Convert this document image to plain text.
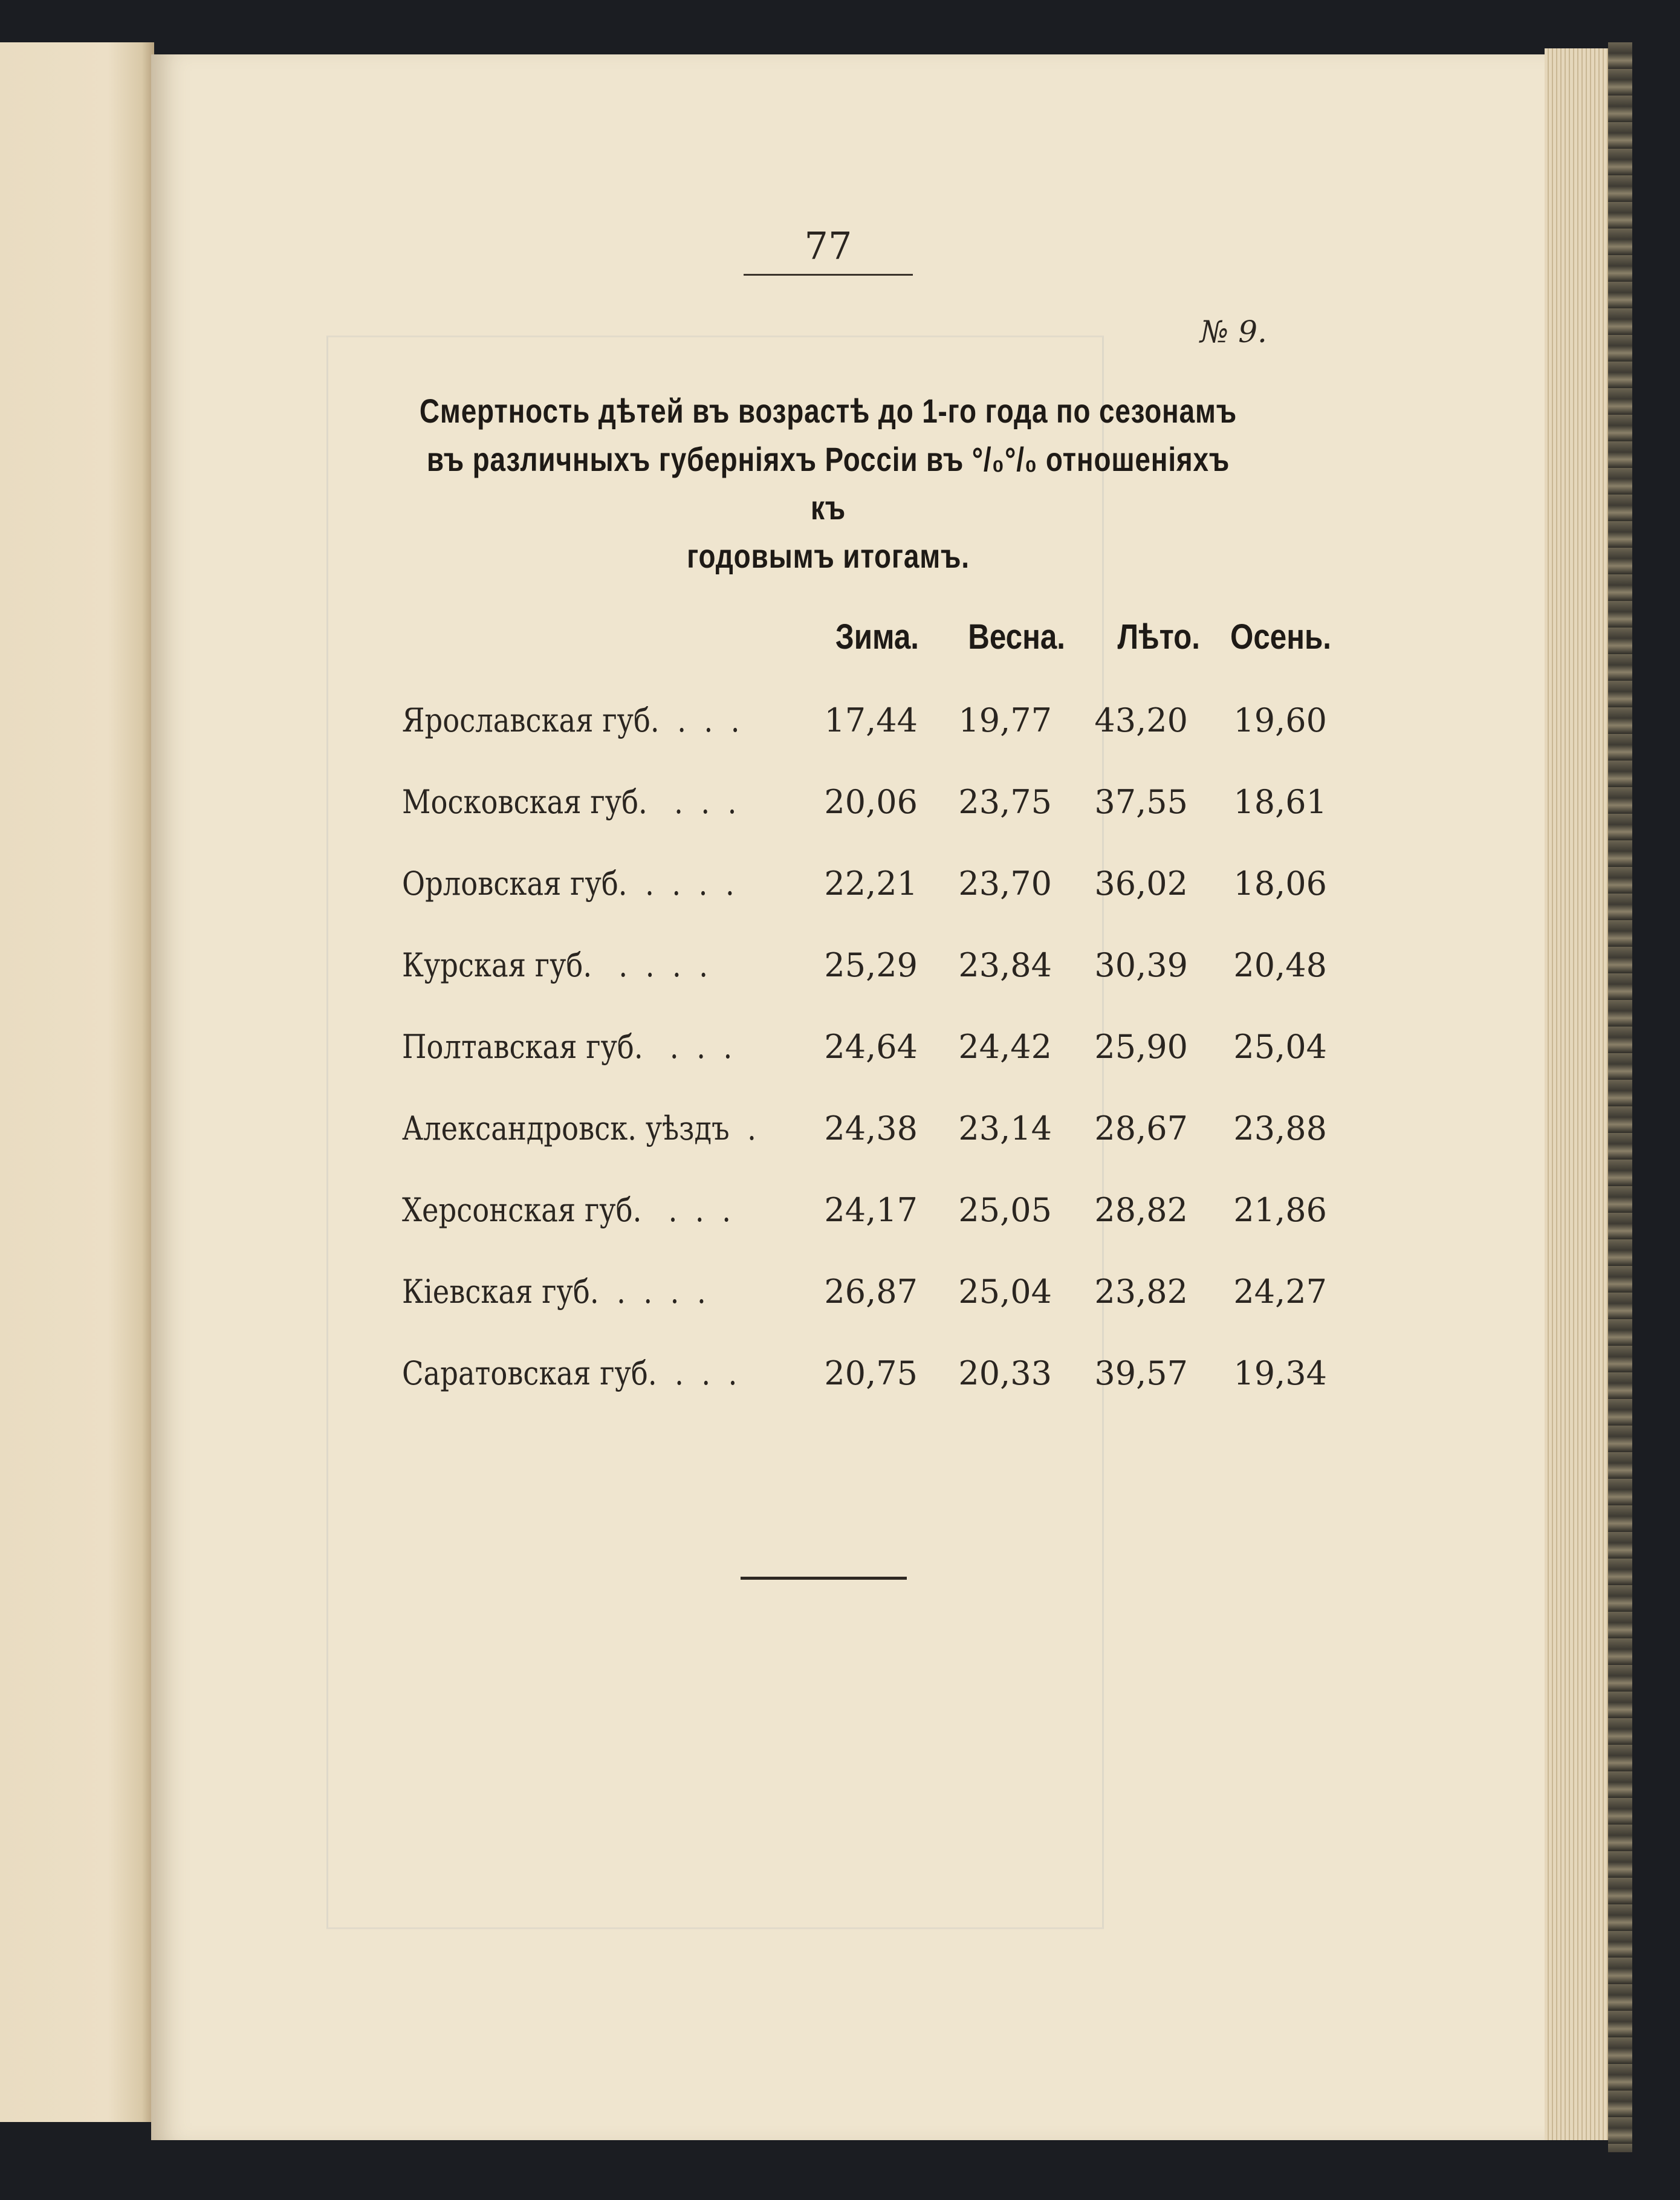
77
№ 9.
Смертность дѣтей въ возрастѣ до 1-го года по сезонамъ
въ различныхъ губерніяхъ Россіи въ °/₀°/₀ отношеніяхъ къ
годовымъ итогамъ.
Зима.	Весна.	Лѣто. Осень.
Ярославская губ.  .  .  .	17,44	19,77	43,20	19,60
Московская губ.   .  .  .	20,06	23,75	37,55	18,61
Орловская губ.  .  .  .  .	22,21	23,70	36,02	18,06
Курская губ.   .  .  .  .	25,29	23,84	30,39	20,48
Полтавская губ.   .  .  .	24,64	24,42	25,90	25,04
Александровск. уѣздъ  .	24,38	23,14	28,67	23,88
Херсонская губ.   .  .  .	24,17	25,05	28,82	21,86
Кіевская губ.  .  .  .  .	26,87	25,04	23,82	24,27
Саратовская губ.  .  .  .	20,75	20,33	39,57	19,34
